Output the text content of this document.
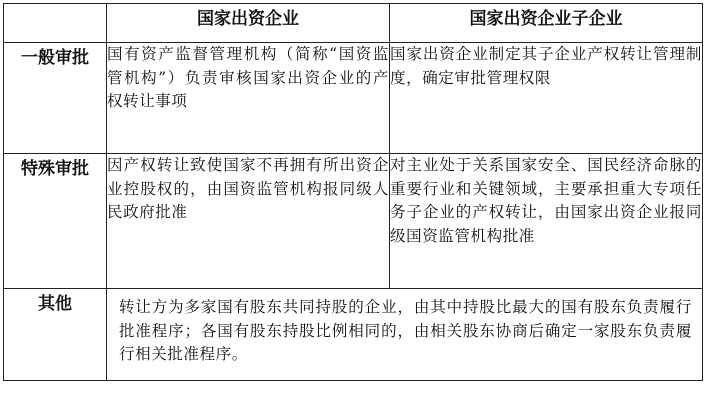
	国家出资企业	国家出资企业子企业
一般审批	国有资产监督管理机构（简称“国资监管机构”）负责审核国家出资企业的产权转让事项	国家出资企业制定其子企业产权转让管理制度，确定审批管理权限
特殊审批	因产权转让致使国家不再拥有所出资企业控股权的，由国资监管机构报同级人民政府批准	对主业处于关系国家安全、国民经济命脉的重要行业和关键领域，主要承担重大专项任务子企业的产权转让，由国家出资企业报同级国资监管机构批准
其他	转让方为多家国有股东共同持股的企业，由其中持股比最大的国有股东负责履行批准程序；各国有股东持股比例相同的，由相关股东协商后确定一家股东负责履行相关批准程序。	
